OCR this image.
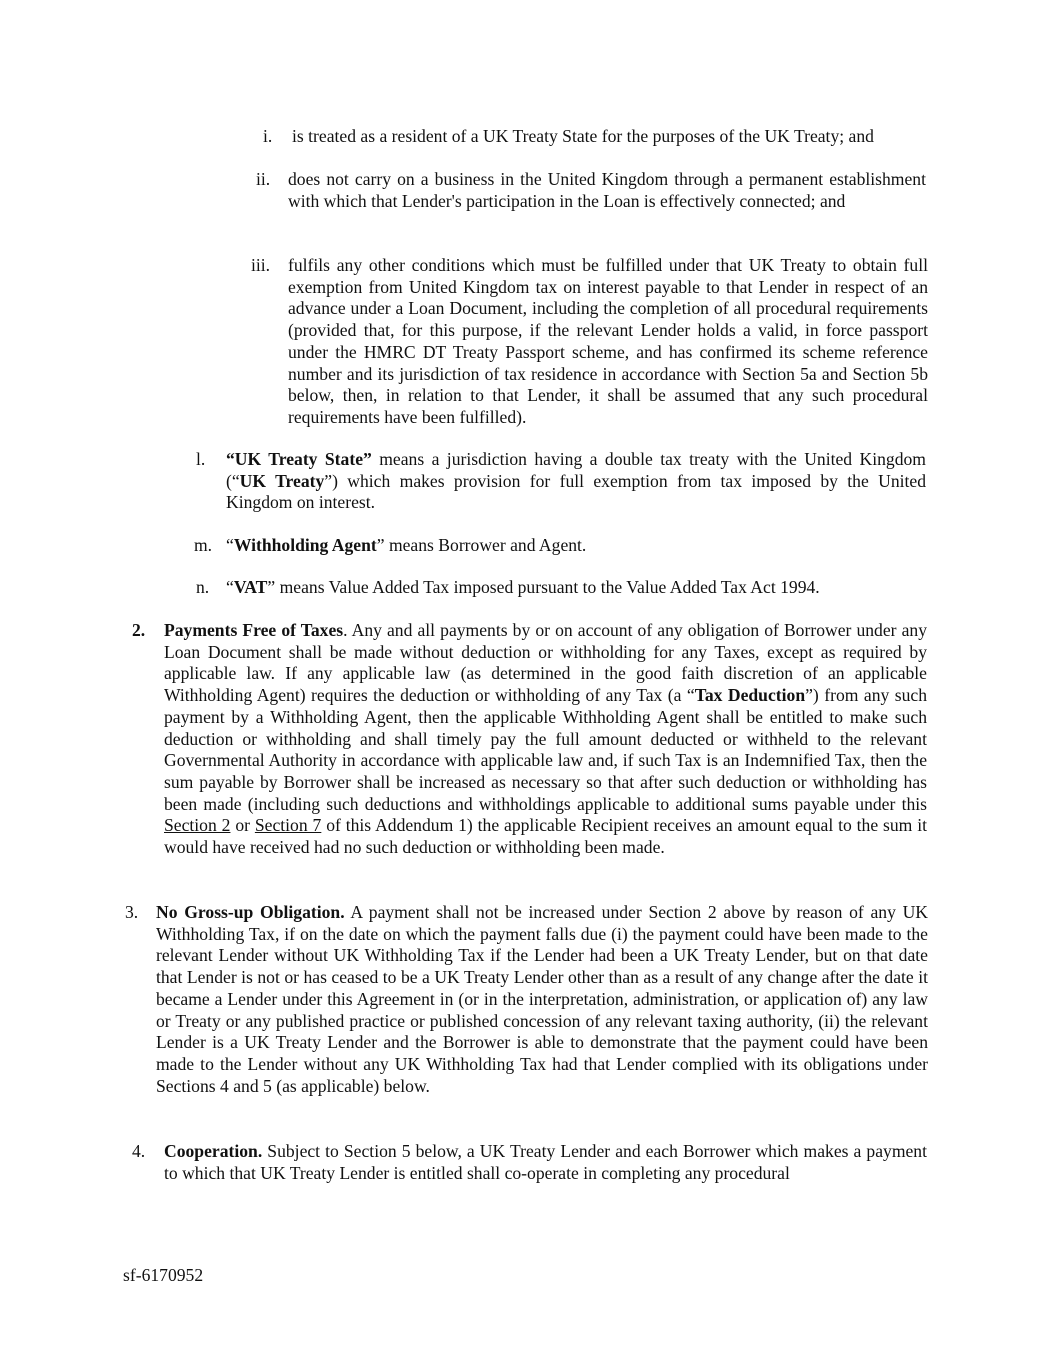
i. is treated as a resident of a UK Treaty State for the purposes of the UK Treaty; and
ii. does not carry on a business in the United Kingdom through a permanent establishment with which that Lender's participation in the Loan is effectively connected; and
iii. fulfils any other conditions which must be fulfilled under that UK Treaty to obtain full exemption from United Kingdom tax on interest payable to that Lender in respect of an advance under a Loan Document, including the completion of all procedural requirements (provided that, for this purpose, if the relevant Lender holds a valid, in force passport under the HMRC DT Treaty Passport scheme, and has confirmed its scheme reference number and its jurisdiction of tax residence in accordance with Section 5a and Section 5b below, then, in relation to that Lender, it shall be assumed that any such procedural requirements have been fulfilled).
l. “UK Treaty State” means a jurisdiction having a double tax treaty with the United Kingdom (“UK Treaty”) which makes provision for full exemption from tax imposed by the United Kingdom on interest.
m. “Withholding Agent” means Borrower and Agent.
n. “VAT” means Value Added Tax imposed pursuant to the Value Added Tax Act 1994.
2. Payments Free of Taxes. Any and all payments by or on account of any obligation of Borrower under any Loan Document shall be made without deduction or withholding for any Taxes, except as required by applicable law. If any applicable law (as determined in the good faith discretion of an applicable Withholding Agent) requires the deduction or withholding of any Tax (a “Tax Deduction”) from any such payment by a Withholding Agent, then the applicable Withholding Agent shall be entitled to make such deduction or withholding and shall timely pay the full amount deducted or withheld to the relevant Governmental Authority in accordance with applicable law and, if such Tax is an Indemnified Tax, then the sum payable by Borrower shall be increased as necessary so that after such deduction or withholding has been made (including such deductions and withholdings applicable to additional sums payable under this Section 2 or Section 7 of this Addendum 1) the applicable Recipient receives an amount equal to the sum it would have received had no such deduction or withholding been made.
3. No Gross-up Obligation. A payment shall not be increased under Section 2 above by reason of any UK Withholding Tax, if on the date on which the payment falls due (i) the payment could have been made to the relevant Lender without UK Withholding Tax if the Lender had been a UK Treaty Lender, but on that date that Lender is not or has ceased to be a UK Treaty Lender other than as a result of any change after the date it became a Lender under this Agreement in (or in the interpretation, administration, or application of) any law or Treaty or any published practice or published concession of any relevant taxing authority, (ii) the relevant Lender is a UK Treaty Lender and the Borrower is able to demonstrate that the payment could have been made to the Lender without any UK Withholding Tax had that Lender complied with its obligations under Sections 4 and 5 (as applicable) below.
4. Cooperation. Subject to Section 5 below, a UK Treaty Lender and each Borrower which makes a payment to which that UK Treaty Lender is entitled shall co-operate in completing any procedural
sf-6170952
